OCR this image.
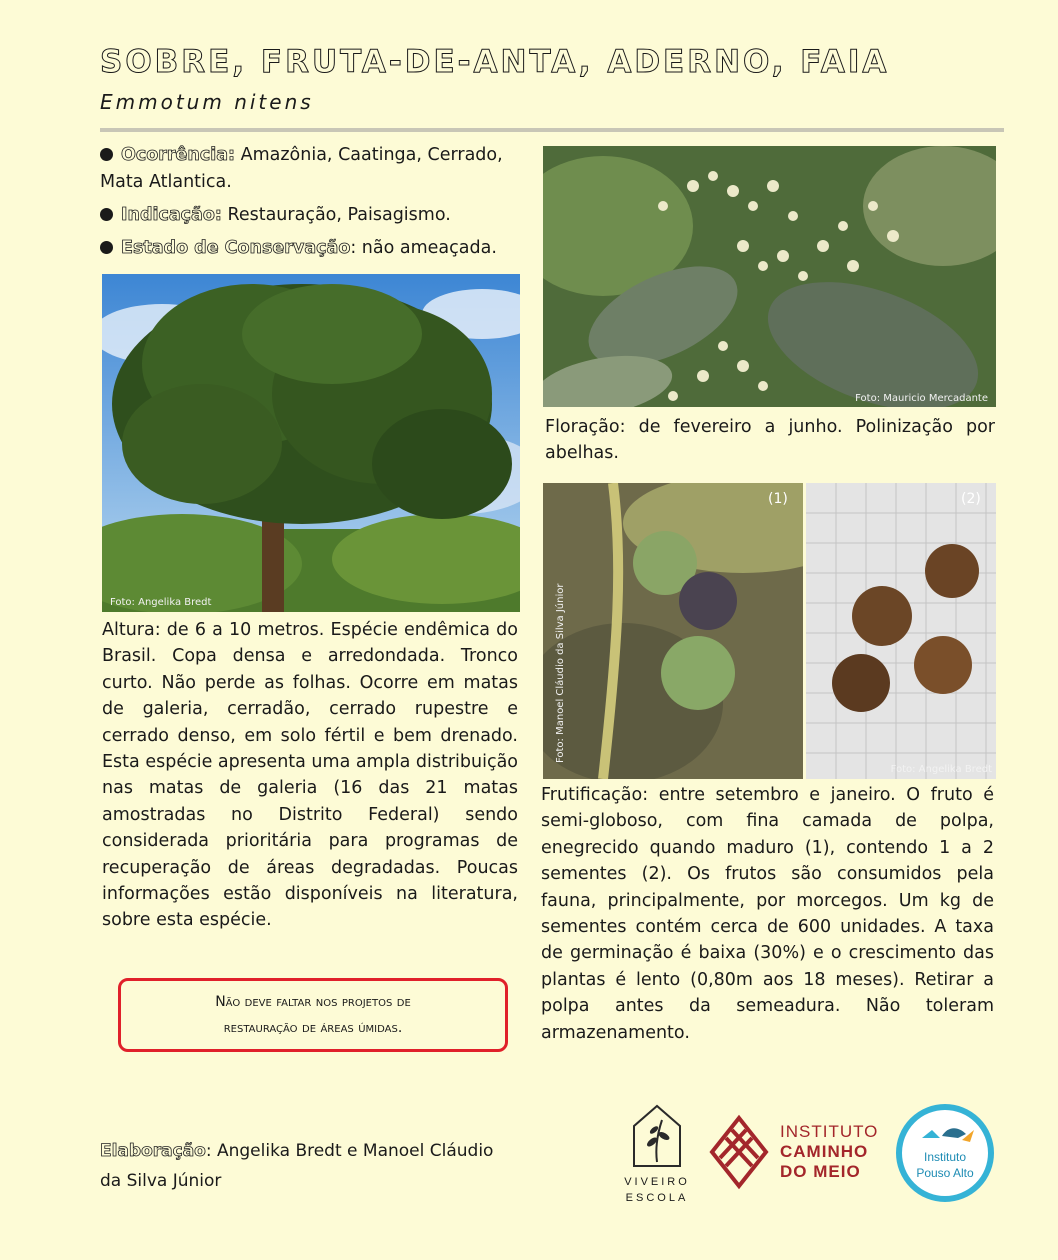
SOBRE, FRUTA-DE-ANTA, ADERNO, FAIA
Emmotum nitens
Ocorrência: Amazônia, Caatinga, Cerrado,
Mata Atlantica.
Indicação: Restauração, Paisagismo.
Estado de Conservação: não ameaçada.
Foto: Angelika Bredt
Altura: de 6 a 10 metros. Espécie endêmica do Brasil. Copa densa e arredondada. Tronco curto. Não perde as folhas. Ocorre em matas de galeria, cerradão, cerrado rupestre e cerrado denso, em solo fértil e bem drenado. Esta espécie apresenta uma ampla distribuição nas matas de galeria (16 das 21 matas amostradas no Distrito Federal) sendo considerada prioritária para programas de recuperação de áreas degradadas. Poucas informações estão disponíveis na literatura, sobre esta espécie.
Não deve faltar nos projetos de
restauração de áreas úmidas.
Foto: Mauricio Mercadante
Floração: de fevereiro a junho. Polinização por abelhas.
(1)
Foto: Manoel Cláudio da Silva Júnior
(2)
Foto: Angelika Bredt
Frutificação: entre setembro e janeiro. O fruto é semi-globoso, com fina camada de polpa, enegrecido quando maduro (1), contendo 1 a 2 sementes (2). Os frutos são consumidos pela fauna, principalmente, por morcegos. Um kg de sementes contém cerca de 600 unidades. A taxa de germinação é baixa (30%) e o crescimento das plantas é lento (0,80m aos 18 meses). Retirar a polpa antes da semeadura. Não toleram armazenamento.
Elaboração: Angelika Bredt e Manoel Cláudio
da Silva Júnior	VIVEIRO
ESCOLA
INSTITUTO
CAMINHO
DO MEIO
Instituto
Pouso Alto
